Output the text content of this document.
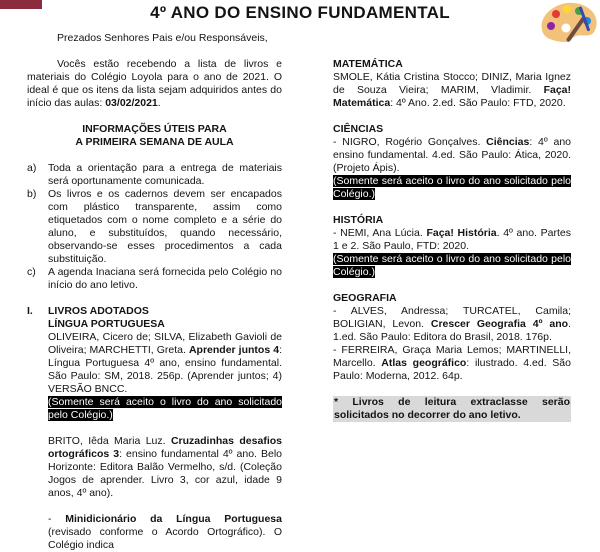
4º ANO DO ENSINO FUNDAMENTAL

Prezados Senhores Pais e/ou Responsáveis,

Vocês estão recebendo a lista de livros e materiais do Colégio Loyola para o ano de 2021. O ideal é que os itens da lista sejam adquiridos antes do início das aulas: 03/02/2021.

INFORMAÇÕES ÚTEIS PARA
A PRIMEIRA SEMANA DE AULA

a) Toda a orientação para a entrega de materiais será oportunamente comunicada.
b) Os livros e os cadernos devem ser encapados com plástico transparente, assim como etiquetados com o nome completo e a série do aluno, e substituídos, quando necessário, observando-se esses procedimentos a cada substituição.
c) A agenda Inaciana será fornecida pelo Colégio no início do ano letivo.
I. LIVROS ADOTADOS

LÍNGUA PORTUGUESA

OLIVEIRA, Cicero de; SILVA, Elizabeth Gavioli de Oliveira; MARCHETTI, Greta. Aprender juntos 4: Língua Portuguesa 4º ano, ensino fundamental. São Paulo: SM, 2018. 256p. (Aprender juntos; 4) VERSÃO BNCC.

(Somente será aceito o livro do ano solicitado pelo Colégio.)

BRITO, Iêda Maria Luz. Cruzadinhas desafios ortográficos 3: ensino fundamental 4º ano. Belo Horizonte: Editora Balão Vermelho, s/d. (Coleção Jogos de aprender. Livro 3, cor azul, idade 9 anos, 4º ano).

- Minidicionário da Língua Portuguesa (revisado conforme o Acordo Ortográfico). O Colégio indica

MATEMÁTICA

SMOLE, Kátia Cristina Stocco; DINIZ, Maria Ignez de Souza Vieira; MARIM, Vladimir. Faça! Matemática: 4º Ano. 2.ed. São Paulo: FTD, 2020.

CIÊNCIAS

- NIGRO, Rogério Gonçalves. Ciências: 4º ano ensino fundamental. 4.ed. São Paulo: Ática, 2020. (Projeto Ápis).

(Somente será aceito o livro do ano solicitado pelo Colégio.)

HISTÓRIA

- NEMI, Ana Lúcia. Faça! História. 4º ano. Partes 1 e 2. São Paulo, FTD: 2020.

(Somente será aceito o livro do ano solicitado pelo Colégio.)

GEOGRAFIA

- ALVES, Andressa; TURCATEL, Camila; BOLIGIAN, Levon. Crescer Geografia 4º ano. 1.ed. São Paulo: Editora do Brasil, 2018. 176p.

- FERREIRA, Graça Maria Lemos; MARTINELLI, Marcello. Atlas geográfico: ilustrado. 4.ed. São Paulo: Moderna, 2012. 64p.

* Livros de leitura extraclasse serão solicitados no decorrer do ano letivo.
